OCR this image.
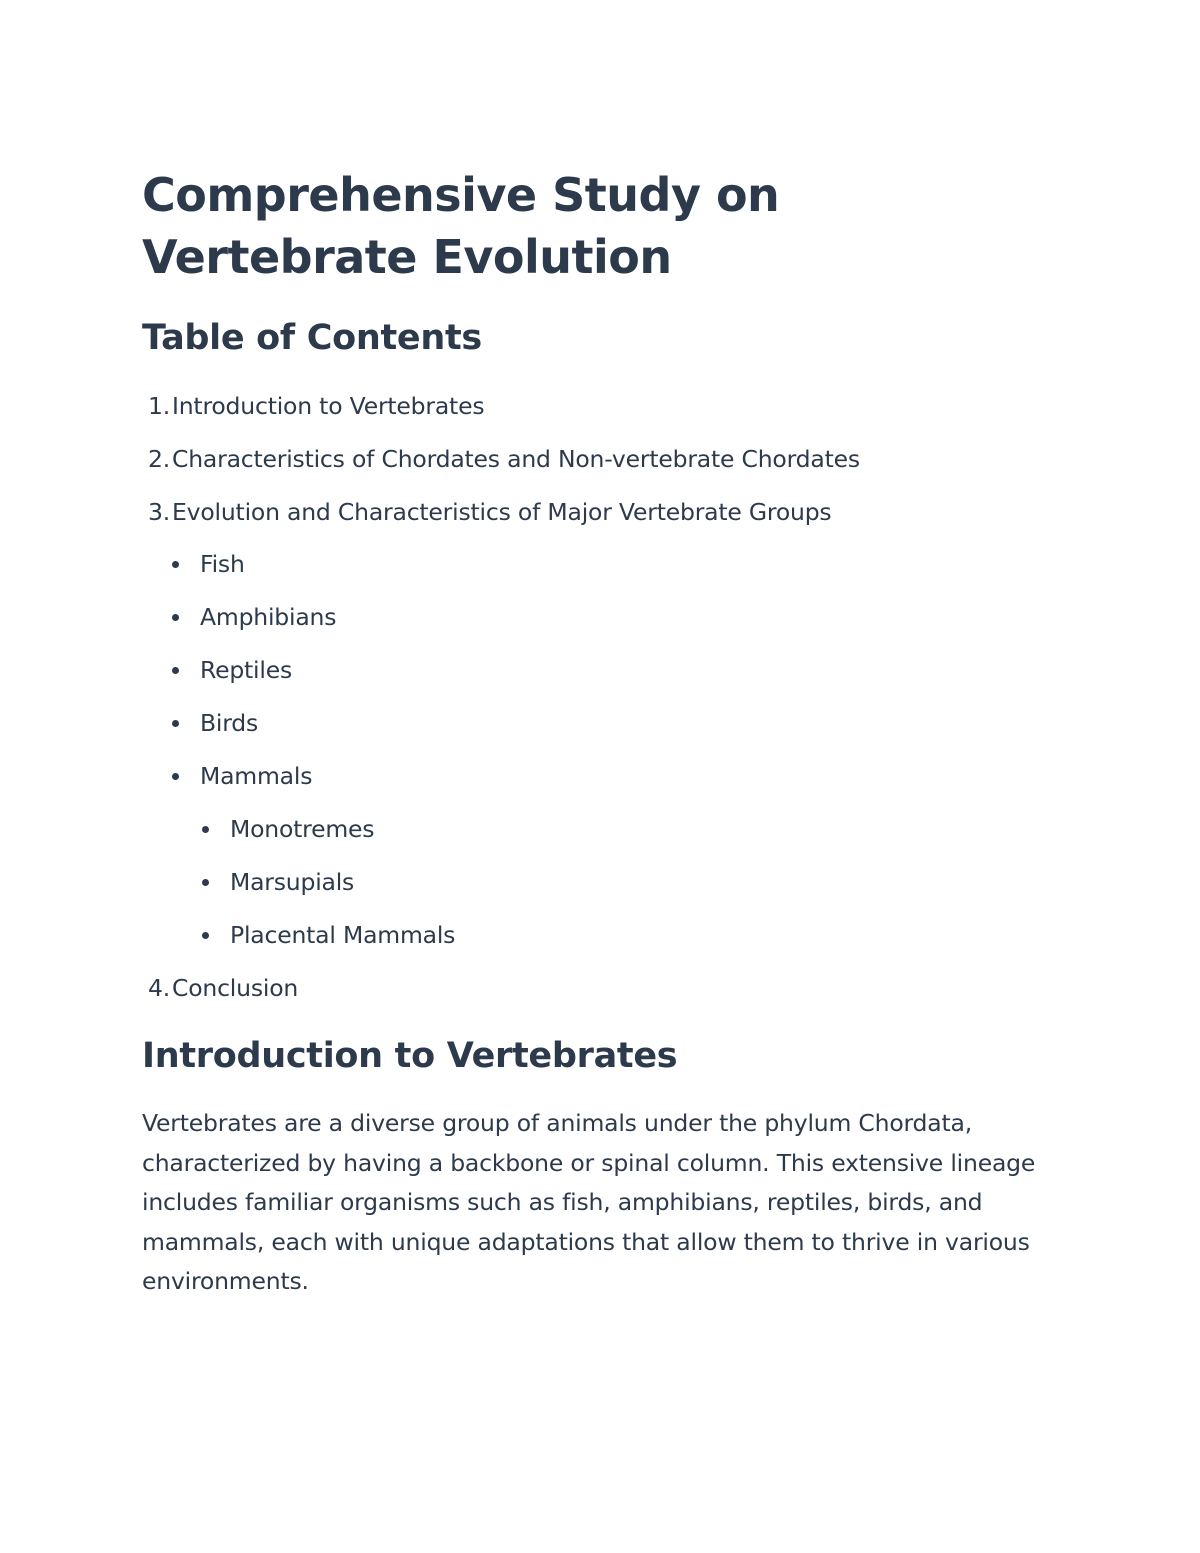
Comprehensive Study on Vertebrate Evolution
Table of Contents
1.Introduction to Vertebrates
2.Characteristics of Chordates and Non-vertebrate Chordates
3.Evolution and Characteristics of Major Vertebrate Groups
Fish
Amphibians
Reptiles
Birds
Mammals
Monotremes
Marsupials
Placental Mammals
4.Conclusion
Introduction to Vertebrates

Vertebrates are a diverse group of animals under the phylum Chordata, characterized by having a backbone or spinal column. This extensive lineage includes familiar organisms such as fish, amphibians, reptiles, birds, and mammals, each with unique adaptations that allow them to thrive in various environments.
